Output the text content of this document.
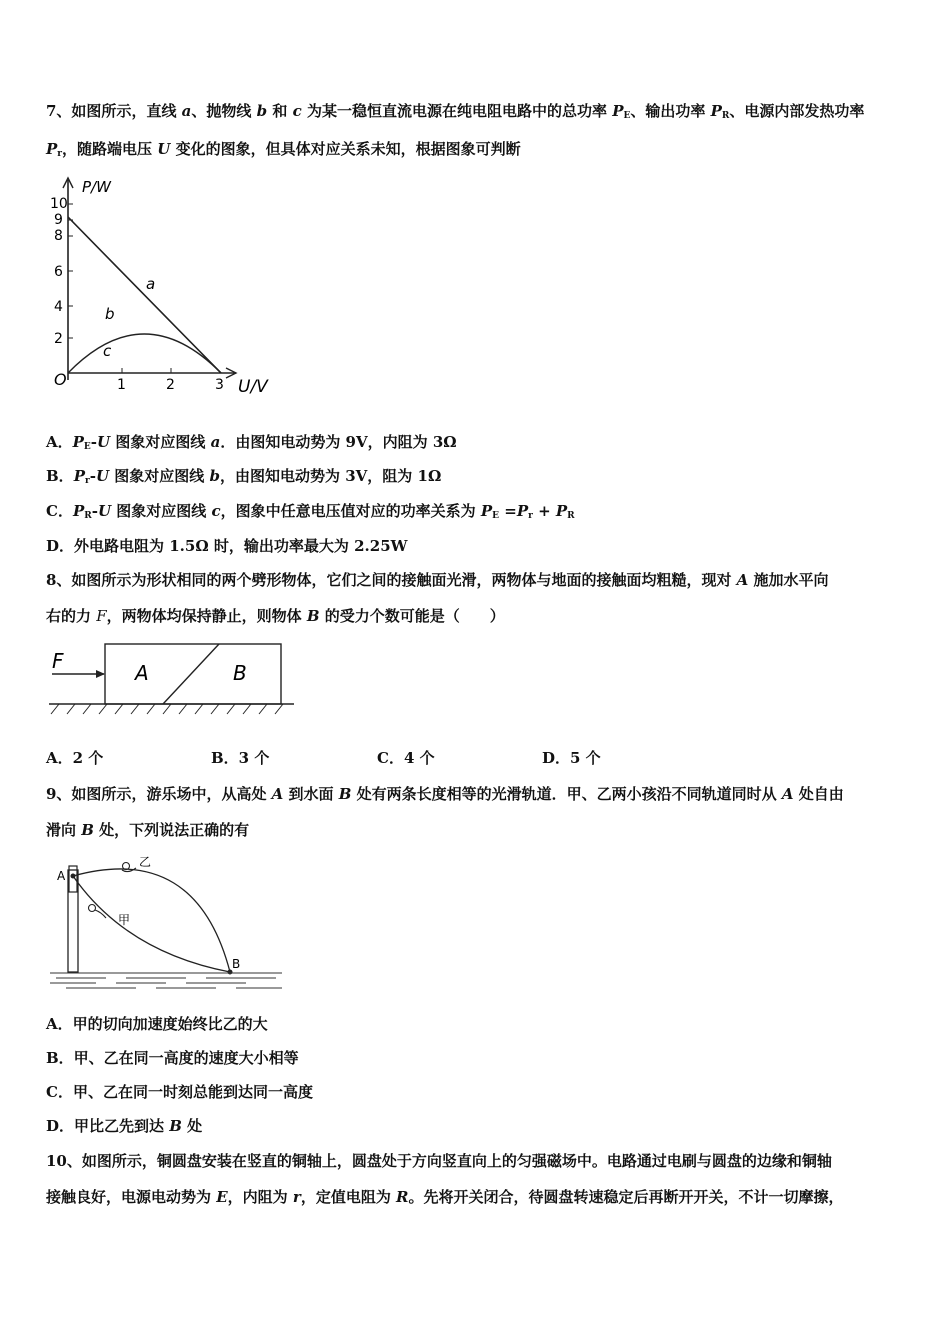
7、如图所示，直线 a、抛物线 b 和 c 为某一稳恒直流电源在纯电阻电路中的总功率 $P_E$、输出功率 $P_R$、电源内部发热功率
$P_r$，随路端电压 U 变化的图象，但具体对应关系未知，根据图象可判断
P/W
U/V
O
10
9
8
6
4
2
1	2	3
a
b
c
A．$P_E-U$ 图象对应图线 a．由图知电动势为 9V，内阻为 3Ω
B．$P_r-U$ 图象对应图线 b，由图知电动势为 3V，阻为 1Ω
C．$P_R-U$ 图象对应图线 c，图象中任意电压值对应的功率关系为 $P_E =P_r + P_R$
D．外电路电阻为 1.5Ω 时，输出功率最大为 2.25W
8、如图所示为形状相同的两个劈形物体，它们之间的接触面光滑，两物体与地面的接触面均粗糙，现对 A 施加水平向
右的力 F，两物体均保持静止，则物体 B 的受力个数可能是（　　）
F	A	B
A．2 个	B．3 个	C．4 个	D．5 个
9、如图所示，游乐场中，从高处 A 到水面 B 处有两条长度相等的光滑轨道．甲、乙两小孩沿不同轨道同时从 A 处自由
滑向 B 处，下列说法正确的有
A
B
乙
甲
A．甲的切向加速度始终比乙的大
B．甲、乙在同一高度的速度大小相等
C．甲、乙在同一时刻总能到达同一高度
D．甲比乙先到达 B 处
10、如图所示，铜圆盘安装在竖直的铜轴上，圆盘处于方向竖直向上的匀强磁场中。电路通过电刷与圆盘的边缘和铜轴
接触良好，电源电动势为 E，内阻为 r，定值电阻为 R。先将开关闭合，待圆盘转速稳定后再断开开关，不计一切摩擦，
